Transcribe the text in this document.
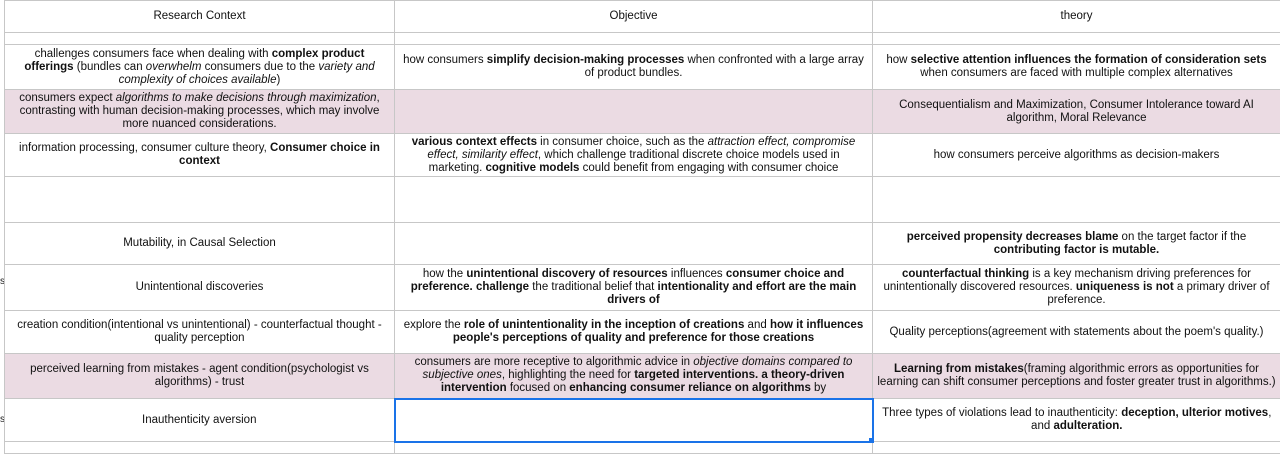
s
s
Research Context	Objective	theory

challenges consumers face when dealing with complex product offerings (bundles can overwhelm consumers due to the variety and complexity of choices available)	how consumers simplify decision-making processes when confronted with a large array of product bundles.	how selective attention influences the formation of consideration sets when consumers are faced with multiple complex alternatives
consumers expect algorithms to make decisions through maximization, contrasting with human decision-making processes, which may involve more nuanced considerations.		Consequentialism and Maximization, Consumer Intolerance toward AI algorithm, Moral Relevance
information processing, consumer culture theory, Consumer choice in context	various context effects in consumer choice, such as the attraction effect, compromise effect, similarity effect, which challenge traditional discrete choice models used in marketing. cognitive models could benefit from engaging with consumer choice	how consumers perceive algorithms as decision-makers

Mutability, in Causal Selection		perceived propensity decreases blame on the target factor if the contributing factor is mutable.
Unintentional discoveries	how the unintentional discovery of resources influences consumer choice and preference. challenge the traditional belief that intentionality and effort are the main drivers of	counterfactual thinking is a key mechanism driving preferences for unintentionally discovered resources. uniqueness is not a primary driver of preference.
creation condition(intentional vs unintentional) - counterfactual thought - quality perception	explore the role of unintentionality in the inception of creations and how it influences people's perceptions of quality and preference for those creations	Quality perceptions(agreement with statements about the poem's quality.)
perceived learning from mistakes - agent condition(psychologist vs algorithms) - trust	consumers are more receptive to algorithmic advice in objective domains compared to subjective ones, highlighting the need for targeted interventions. a theory-driven intervention focused on enhancing consumer reliance on algorithms by	Learning from mistakes(framing algorithmic errors as opportunities for learning can shift consumer perceptions and foster greater trust in algorithms.)
Inauthenticity aversion		Three types of violations lead to inauthenticity: deception, ulterior motives, and adulteration.
